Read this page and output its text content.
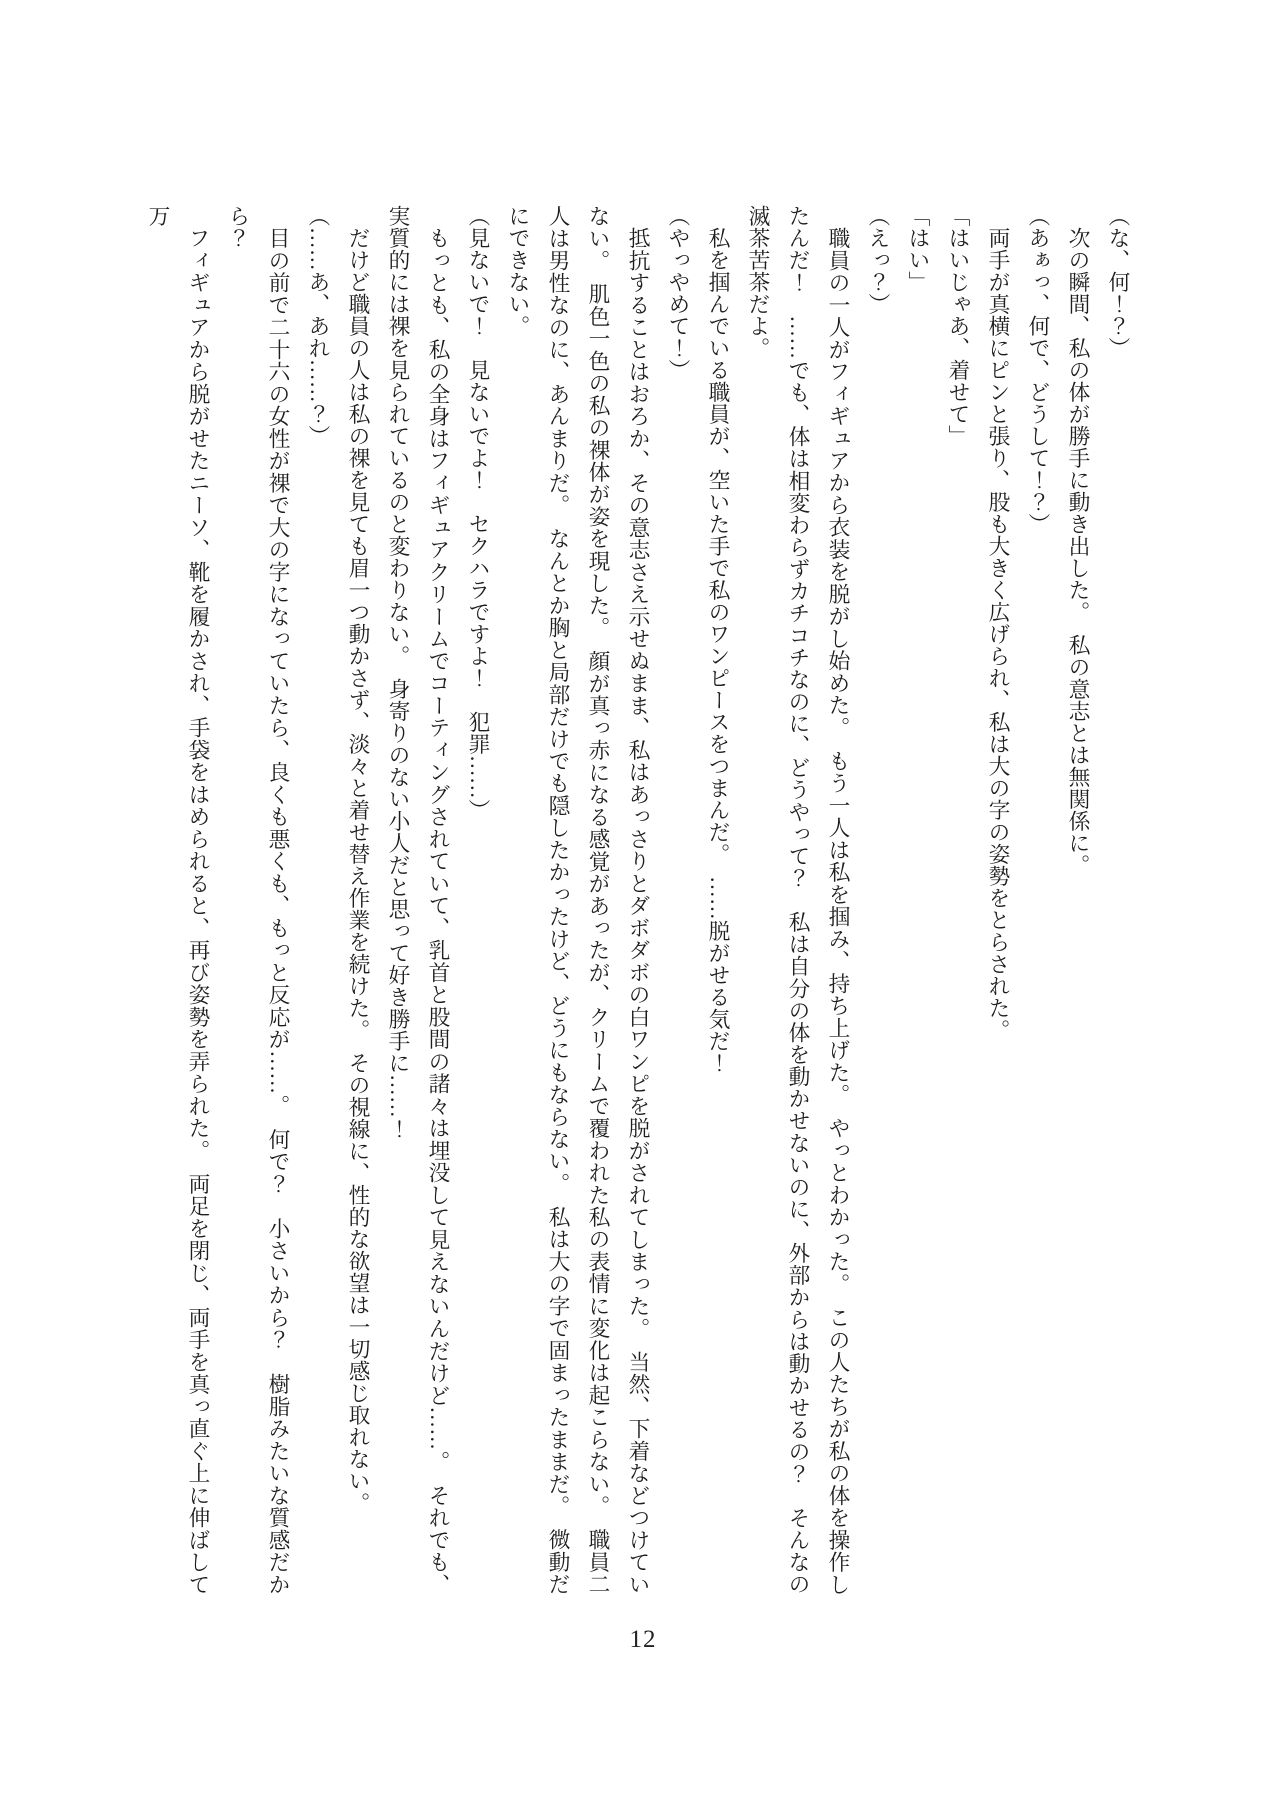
（な、何！？）

次の瞬間、私の体が勝手に動き出した。　私の意志とは無関係に。

（あぁっ、何で、どうして！？）

両手が真横にピンと張り、股も大きく広げられ、私は大の字の姿勢をとらされた。

「はいじゃあ、着せて」

「はい」

（えっ？）

職員の一人がフィギュアから衣装を脱がし始めた。　もう一人は私を掴み、持ち上げた。　やっとわかった。　この人たちが私の体を操作したんだ！　……でも、体は相変わらずカチコチなのに、どうやって？　私は自分の体を動かせないのに、外部からは動かせるの？　そんなの滅茶苦茶だよ。

私を掴んでいる職員が、空いた手で私のワンピースをつまんだ。　……脱がせる気だ！

（やっやめて！）

抵抗することはおろか、その意志さえ示せぬまま、私はあっさりとダボダボの白ワンピを脱がされてしまった。　当然、下着などつけていない。　肌色一色の私の裸体が姿を現した。　顔が真っ赤になる感覚があったが、クリームで覆われた私の表情に変化は起こらない。　職員二人は男性なのに、あんまりだ。　なんとか胸と局部だけでも隠したかったけど、どうにもならない。　私は大の字で固まったままだ。　微動だにできない。

（見ないで！　見ないでよ！　セクハラですよ！　犯罪……）

もっとも、私の全身はフィギュアクリームでコーティングされていて、乳首と股間の諸々は埋没して見えないんだけど……。　それでも、実質的には裸を見られているのと変わりない。　身寄りのない小人だと思って好き勝手に……！

だけど職員の人は私の裸を見ても眉一つ動かさず、淡々と着せ替え作業を続けた。　その視線に、性的な欲望は一切感じ取れない。

（……あ、あれ……？）

目の前で二十六の女性が裸で大の字になっていたら、良くも悪くも、もっと反応が……。　何で？　小さいから？　樹脂みたいな質感だから？

フィギュアから脱がせたニーソ、靴を履かされ、手袋をはめられると、再び姿勢を弄られた。　両足を閉じ、両手を真っ直ぐ上に伸ばして万

12
